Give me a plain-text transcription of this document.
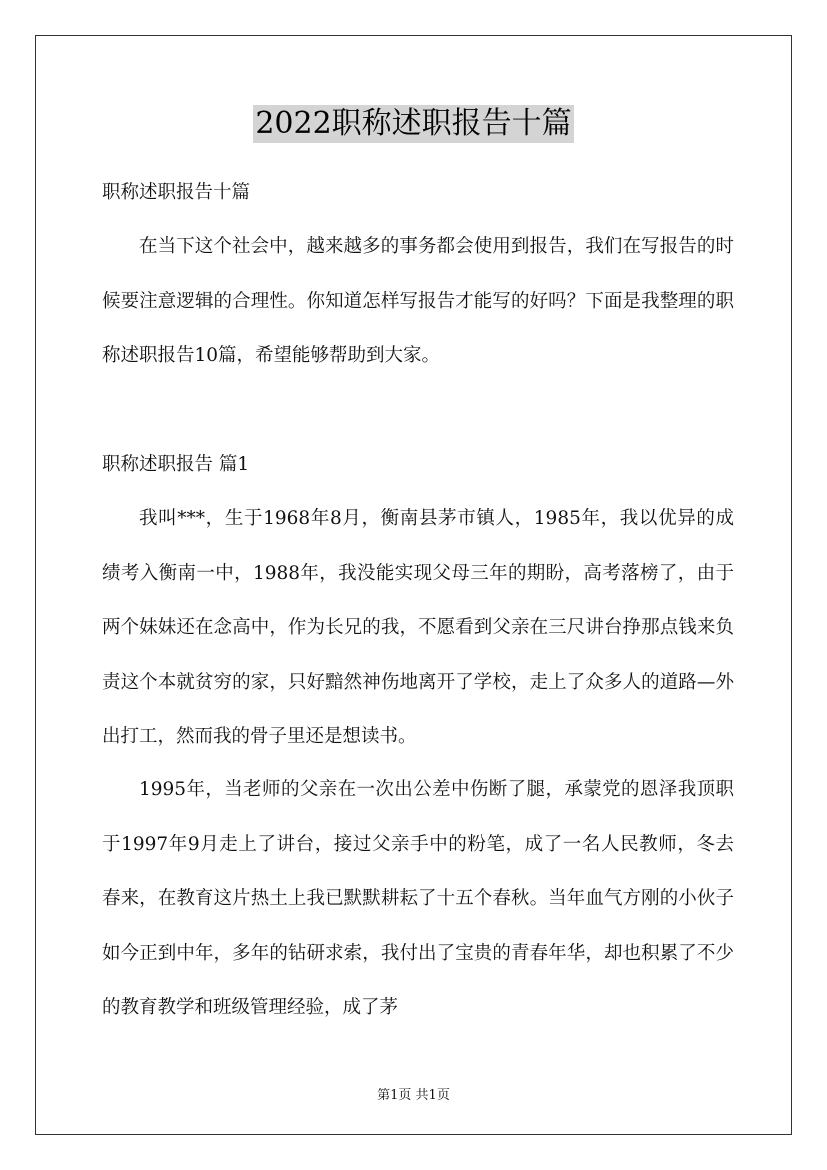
2022职称述职报告十篇

职称述职报告十篇

在当下这个社会中，越来越多的事务都会使用到报告，我们在写报告的时候要注意逻辑的合理性。你知道怎样写报告才能写的好吗？下面是我整理的职称述职报告10篇，希望能够帮助到大家。

职称述职报告 篇1

我叫***，生于1968年8月，衡南县茅市镇人，1985年，我以优异的成绩考入衡南一中，1988年，我没能实现父母三年的期盼，高考落榜了，由于两个妹妹还在念高中，作为长兄的我，不愿看到父亲在三尺讲台挣那点钱来负责这个本就贫穷的家，只好黯然神伤地离开了学校，走上了众多人的道路—外出打工，然而我的骨子里还是想读书。

1995年，当老师的父亲在一次出公差中伤断了腿，承蒙党的恩泽我顶职于1997年9月走上了讲台，接过父亲手中的粉笔，成了一名人民教师，冬去春来，在教育这片热土上我已默默耕耘了十五个春秋。当年血气方刚的小伙子如今正到中年，多年的钻研求索，我付出了宝贵的青春年华，却也积累了不少的教育教学和班级管理经验，成了茅

第1页 共1页
